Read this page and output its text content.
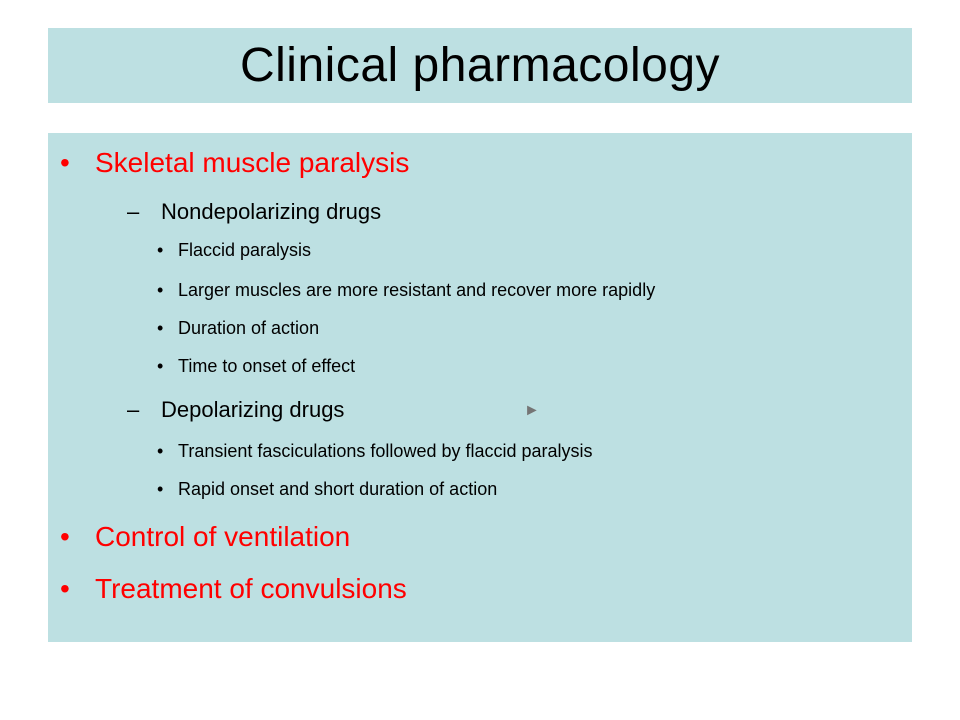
Clinical pharmacology
• Skeletal muscle paralysis
– Nondepolarizing drugs
• Flaccid paralysis
• Larger muscles are more resistant and recover more rapidly
• Duration of action
• Time to onset of effect
– Depolarizing drugs	►
• Transient fasciculations followed by flaccid paralysis
• Rapid onset and short duration of action
• Control of ventilation
• Treatment of convulsions
